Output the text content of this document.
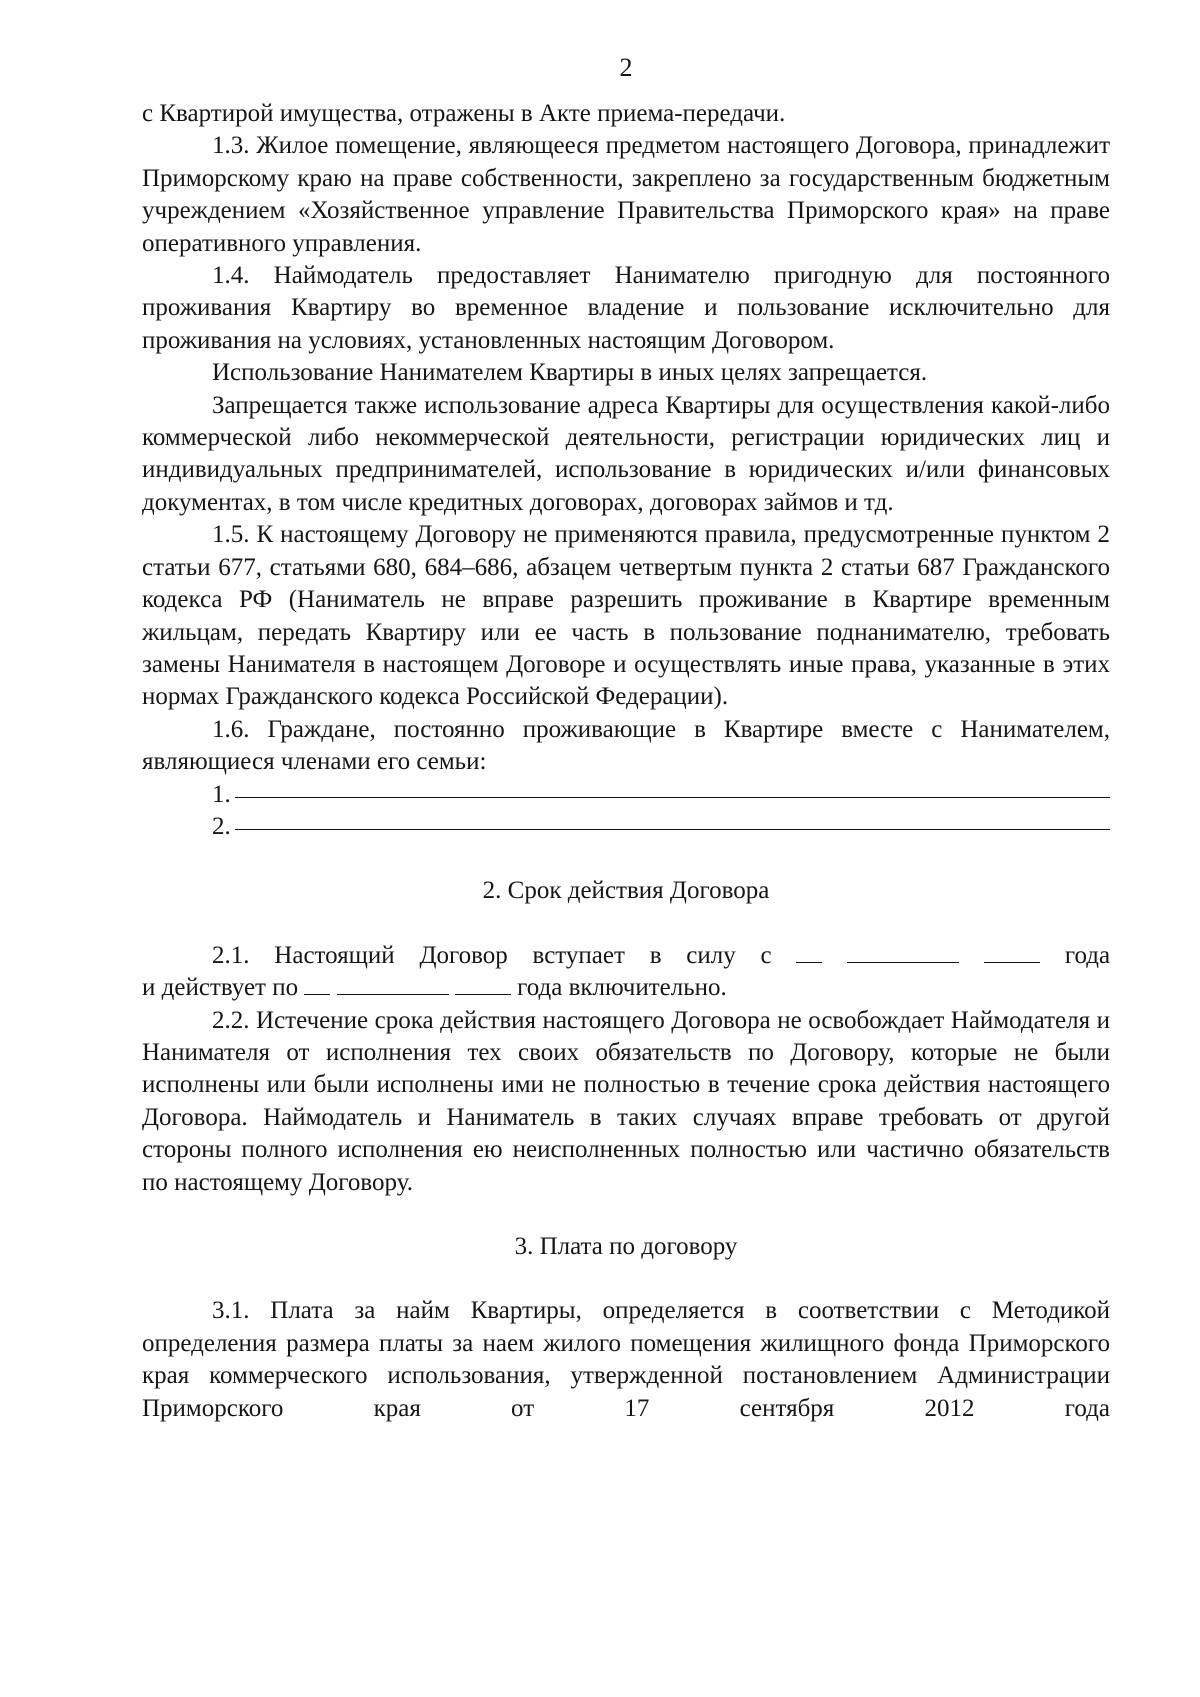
2

с Квартирой имущества, отражены в Акте приема-передачи.

1.3. Жилое помещение, являющееся предметом настоящего Договора, принадлежит Приморскому краю на праве собственности, закреплено за государственным бюджетным учреждением «Хозяйственное управление Правительства Приморского края» на праве оперативного управления.

1.4. Наймодатель предоставляет Нанимателю пригодную для постоянного проживания Квартиру во временное владение и пользование исключительно для проживания на условиях, установленных настоящим Договором.

Использование Нанимателем Квартиры в иных целях запрещается.

Запрещается также использование адреса Квартиры для осуществления какой-либо коммерческой либо некоммерческой деятельности, регистрации юридических лиц и индивидуальных предпринимателей, использование в юридических и/или финансовых документах, в том числе кредитных договорах, договорах займов и тд.

1.5. К настоящему Договору не применяются правила, предусмотренные пунктом 2 статьи 677, статьями 680, 684–686, абзацем четвертым пункта 2 статьи 687 Гражданского кодекса РФ (Наниматель не вправе разрешить проживание в Квартире временным жильцам, передать Квартиру или ее часть в пользование поднанимателю, требовать замены Нанимателя в настоящем Договоре и осуществлять иные права, указанные в этих нормах Гражданского кодекса Российской Федерации).

1.6. Граждане, постоянно проживающие в Квартире вместе с Нанимателем, являющиеся членами его семьи:

1.
2.

2. Срок действия Договора

2.1. Настоящий Договор вступает в силу с	года

и действует по	года включительно.

2.2. Истечение срока действия настоящего Договора не освобождает Наймодателя и Нанимателя от исполнения тех своих обязательств по Договору, которые не были исполнены или были исполнены ими не полностью в течение срока действия настоящего Договора. Наймодатель и Наниматель в таких случаях вправе требовать от другой стороны полного исполнения ею неисполненных полностью или частично обязательств по настоящему Договору.

3. Плата по договору

3.1. Плата за найм Квартиры, определяется в соответствии с Методикой определения размера платы за наем жилого помещения жилищного фонда Приморского края коммерческого использования, утвержденной постановлением Администрации Приморского края от 17 сентября 2012 года
